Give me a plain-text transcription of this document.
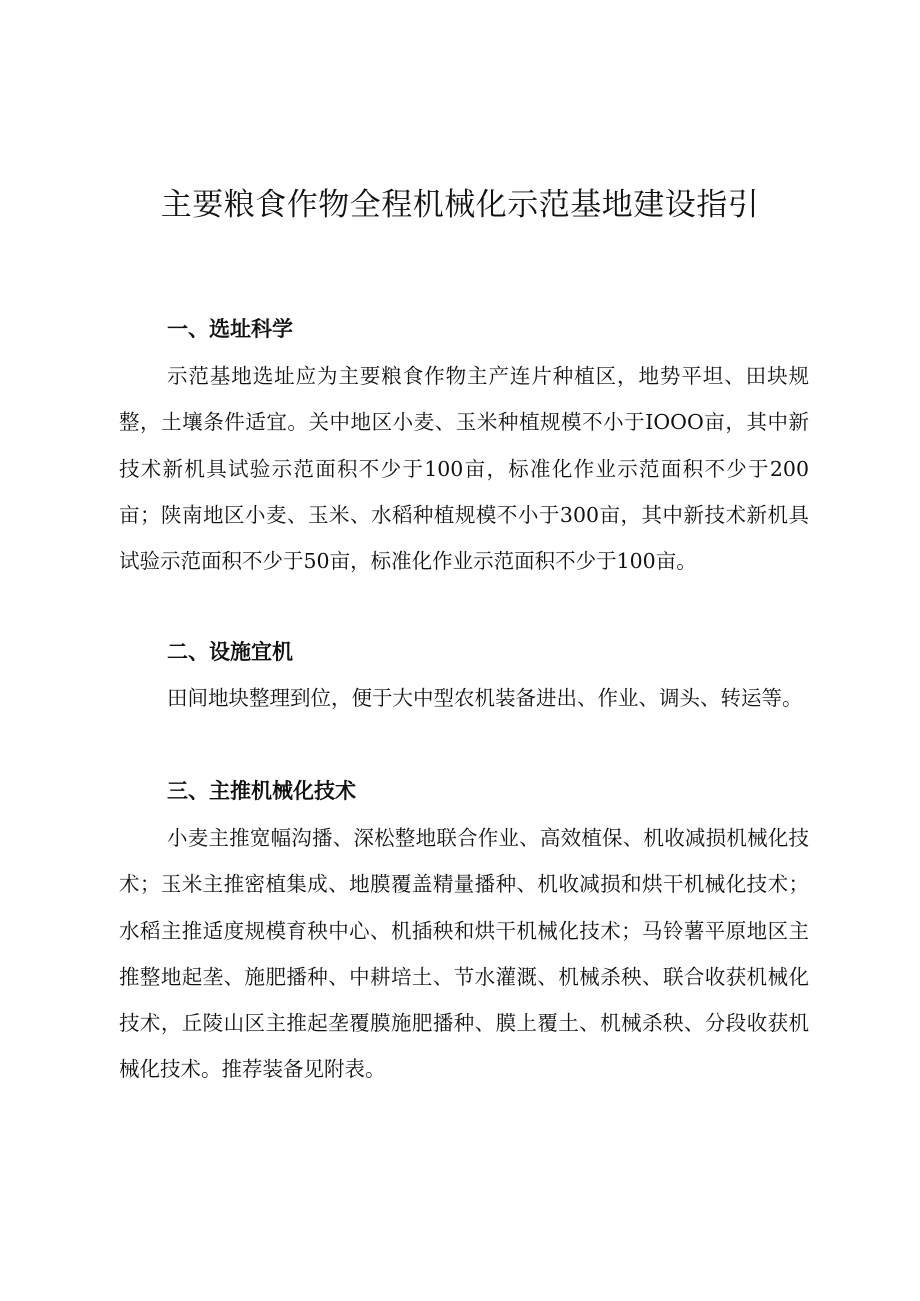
主要粮食作物全程机械化示范基地建设指引
一、选址科学

示范基地选址应为主要粮食作物主产连片种植区，地势平坦、田块规整，土壤条件适宜。关中地区小麦、玉米种植规模不小于IOOO亩，其中新技术新机具试验示范面积不少于100亩，标准化作业示范面积不少于200亩；陕南地区小麦、玉米、水稻种植规模不小于300亩，其中新技术新机具试验示范面积不少于50亩，标准化作业示范面积不少于100亩。

二、设施宜机

田间地块整理到位，便于大中型农机装备进出、作业、调头、转运等。

三、主推机械化技术

小麦主推宽幅沟播、深松整地联合作业、高效植保、机收减损机械化技术；玉米主推密植集成、地膜覆盖精量播种、机收减损和烘干机械化技术；水稻主推适度规模育秧中心、机插秧和烘干机械化技术；马铃薯平原地区主推整地起垄、施肥播种、中耕培土、节水灌溉、机械杀秧、联合收获机械化技术，丘陵山区主推起垄覆膜施肥播种、膜上覆土、机械杀秧、分段收获机械化技术。推荐装备见附表。
